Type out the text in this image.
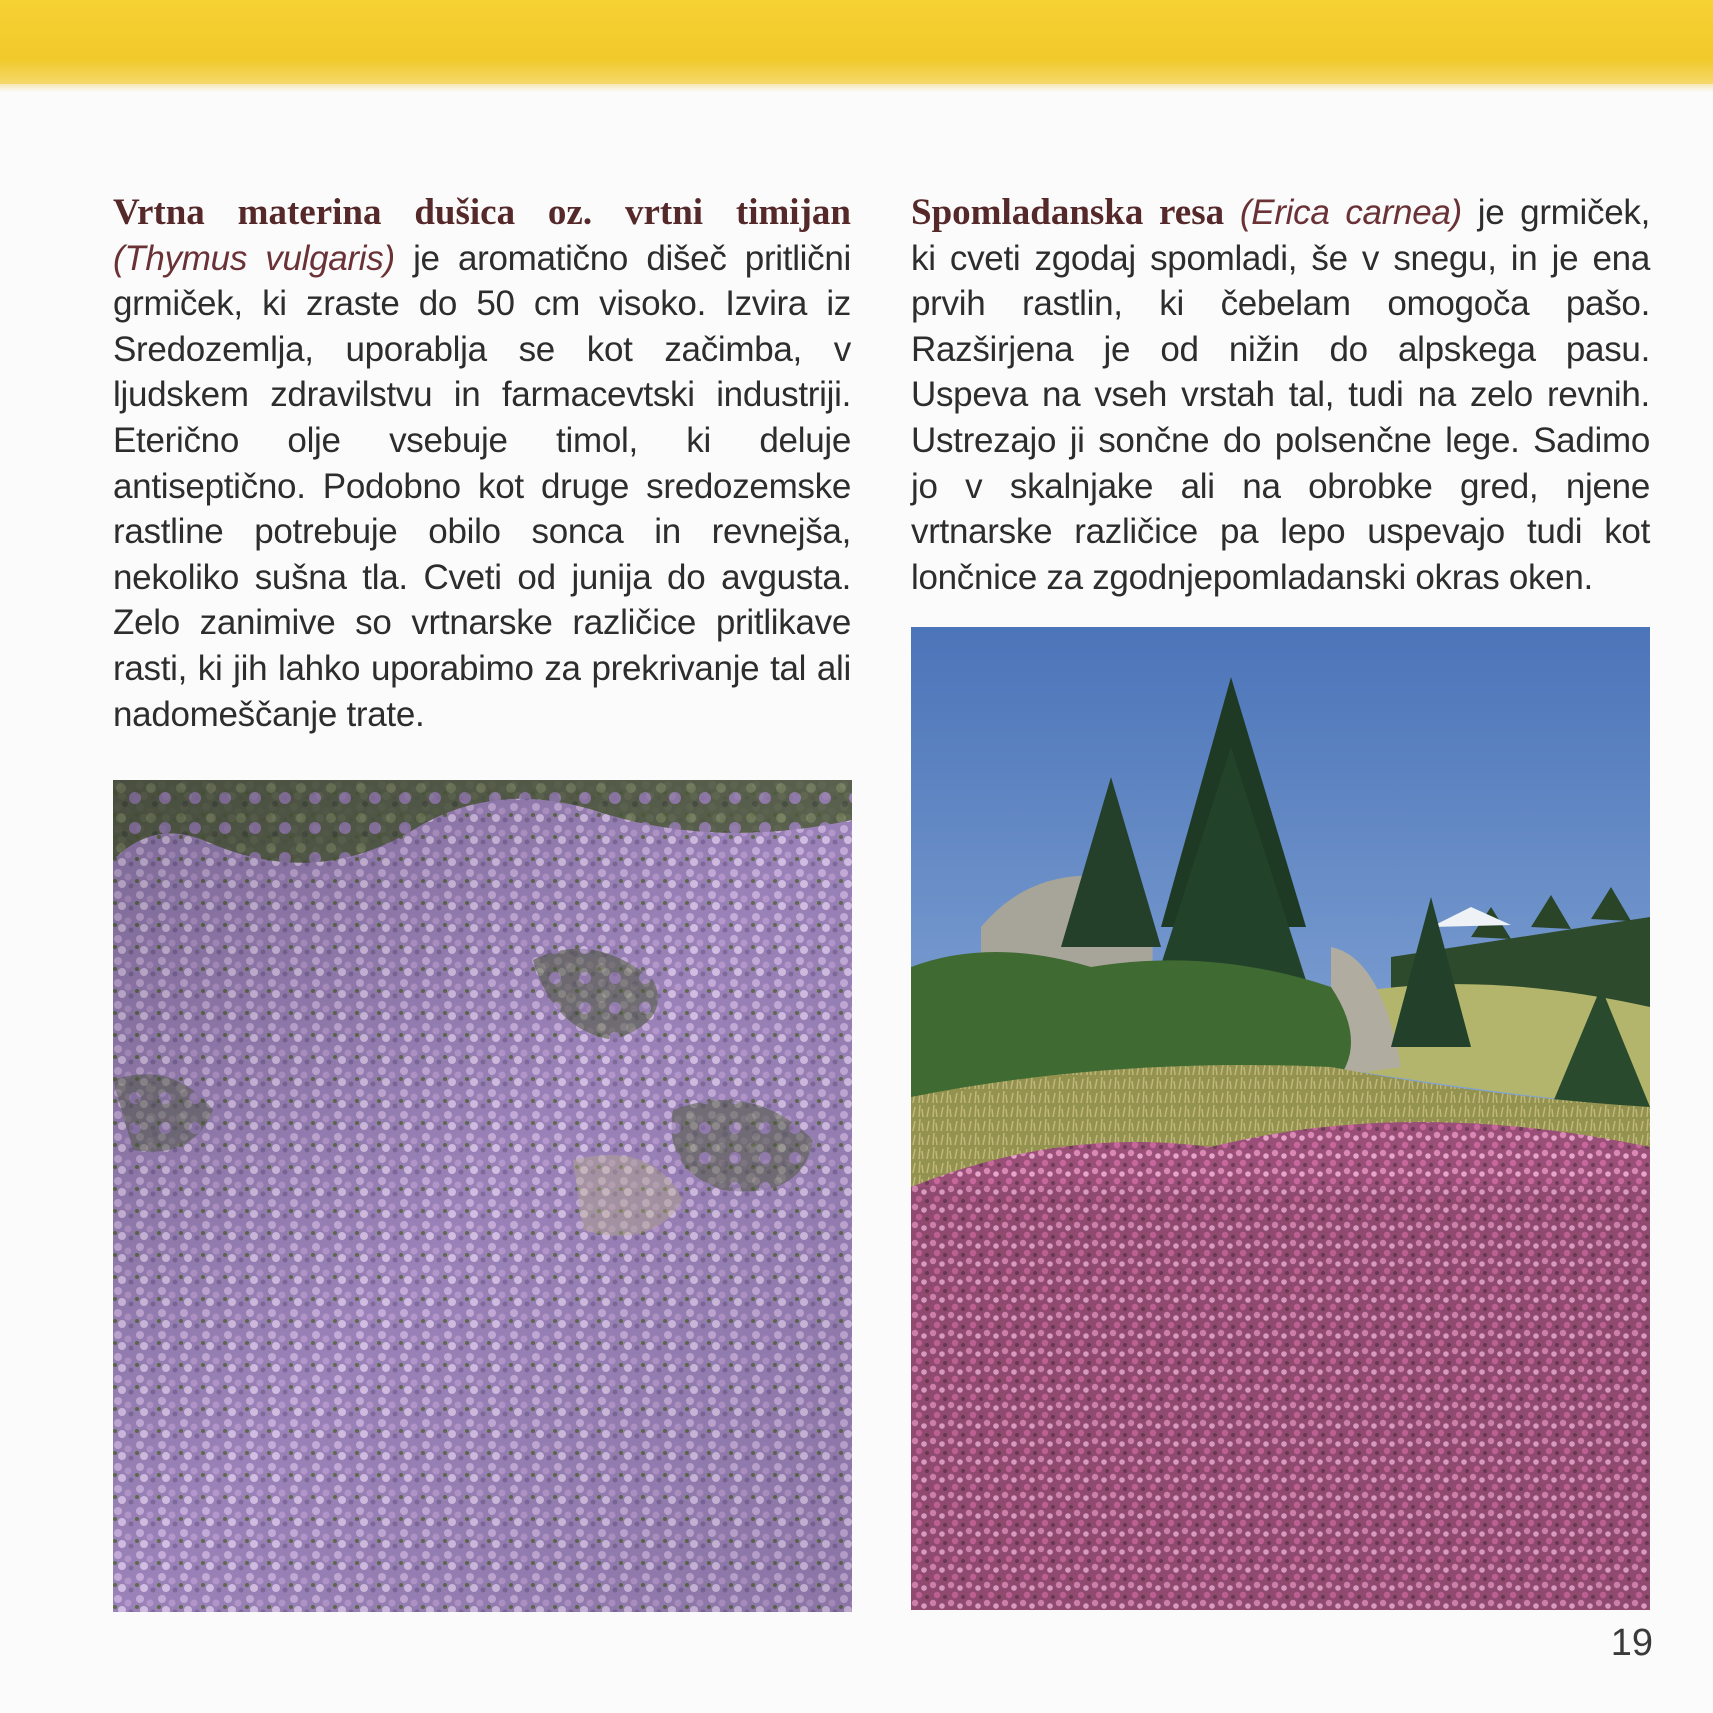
Vrtna materina dušica oz. vrtni timijan (Thymus vulgaris) je aromatično dišeč pritlični grmiček, ki zraste do 50 cm visoko. Izvira iz Sredozemlja, uporablja se kot začimba, v ljudskem zdravilstvu in farmacevtski industriji. Eterično olje vsebuje timol, ki deluje antiseptično. Podobno kot druge sredozemske rastline potrebuje obilo sonca in revnejša, nekoliko sušna tla. Cveti od junija do avgusta. Zelo zanimive so vrtnarske različice pritlikave rasti, ki jih lahko uporabimo za prekrivanje tal ali nadomeščanje trate.

Spomladanska resa (Erica carnea) je grmiček, ki cveti zgodaj spomladi, še v snegu, in je ena prvih rastlin, ki čebelam omogoča pašo. Razširjena je od nižin do alpskega pasu. Uspeva na vseh vrstah tal, tudi na zelo revnih. Ustrezajo ji sončne do polsenčne lege. Sadimo jo v skalnjake ali na obrobke gred, njene vrtnarske različice pa lepo uspevajo tudi kot lončnice za zgodnjepomladanski okras oken.

19
